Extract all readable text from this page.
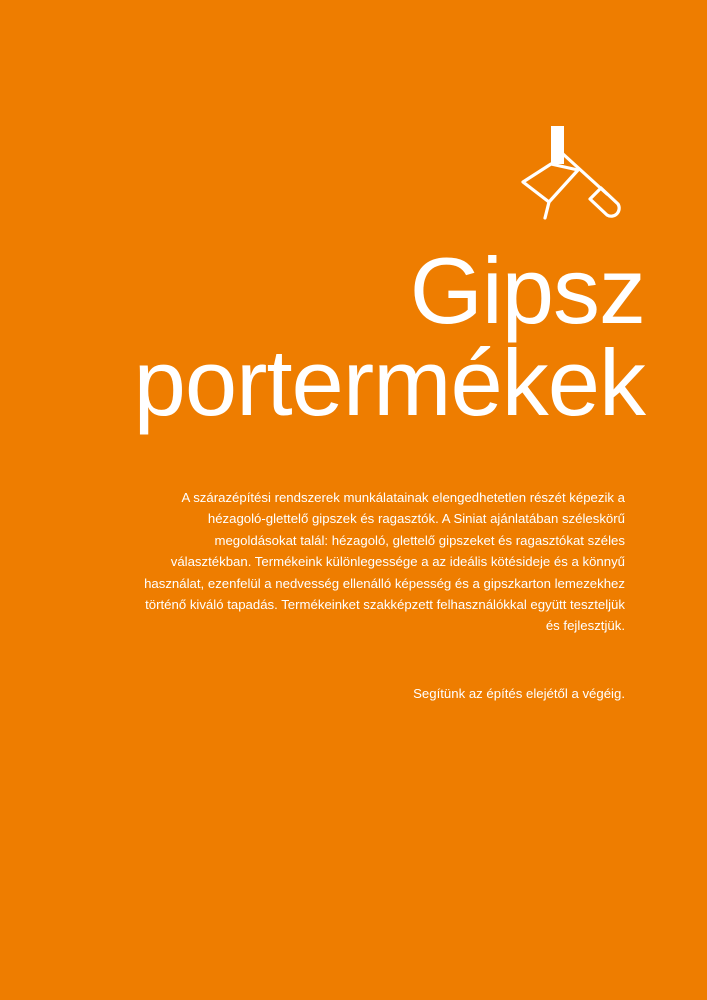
Gipsz
portermékek

A szárazépítési rendszerek munkálatainak elengedhetetlen részét képezik a hézagoló-glettelő gipszek és ragasztók. A Siniat ajánlatában széleskörű megoldásokat talál: hézagoló, glettelő gipszeket és ragasztókat széles választékban. Termékeink különlegessége a az ideális kötésideje és a könnyű használat, ezenfelül a nedvesség ellenálló képesség és a gipszkarton lemezekhez történő kiváló tapadás. Termékeinket szakképzett felhasználókkal együtt teszteljük és fejlesztjük.

Segítünk az építés elejétől a végéig.
